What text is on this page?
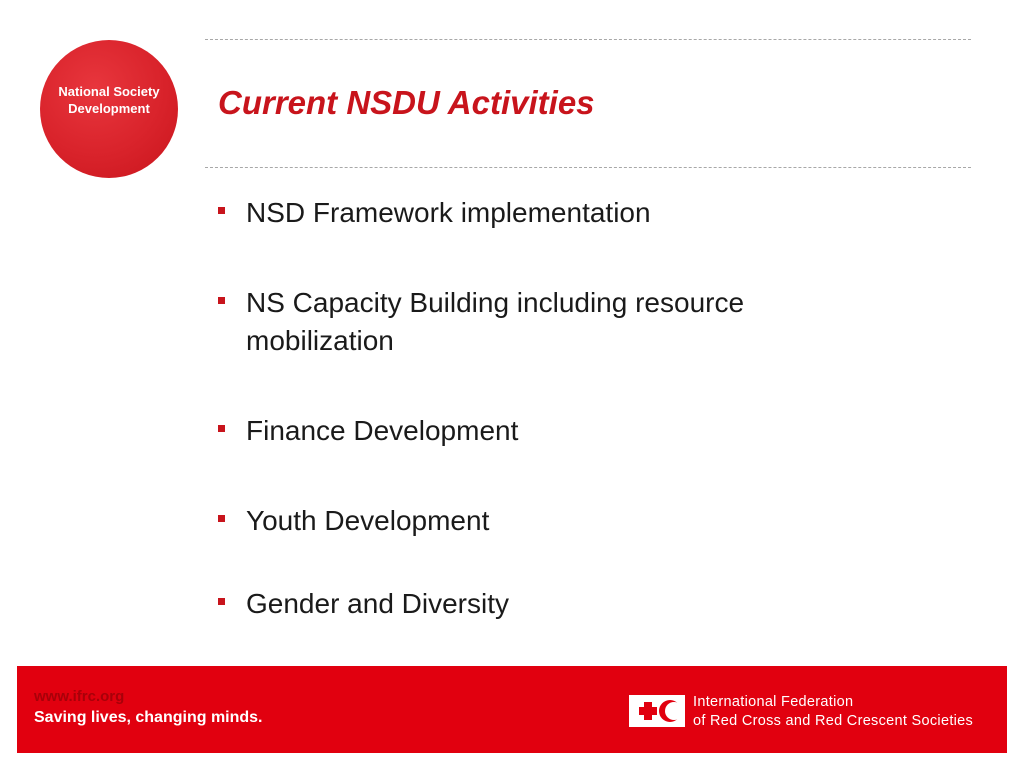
National Society
Development	Current NSDU Activities
NSD Framework implementation
NS Capacity Building including resource mobilization
Finance Development
Youth Development
Gender and Diversity
www.ifrc.org
Saving lives, changing minds.
International Federation
of Red Cross and Red Crescent Societies
